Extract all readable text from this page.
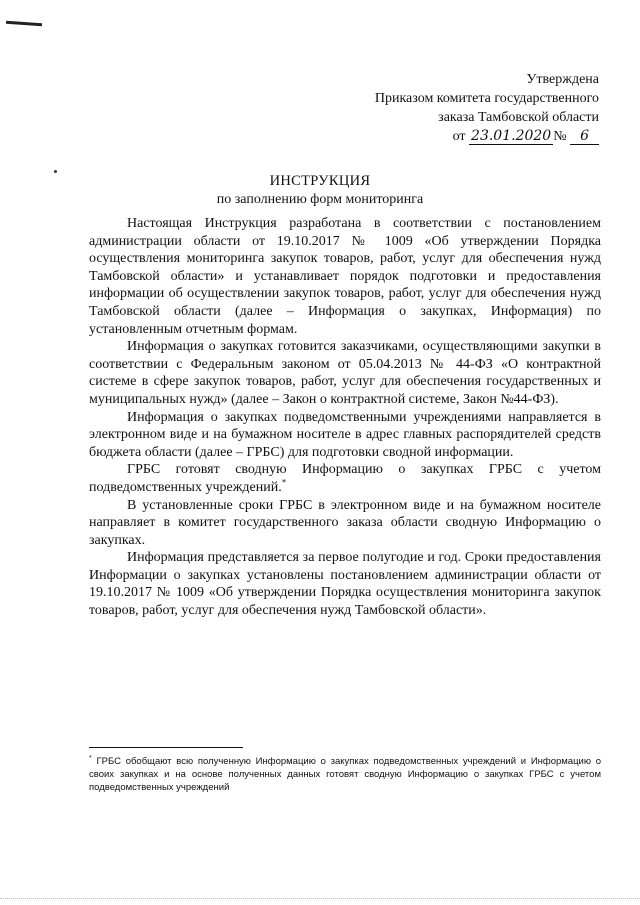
Утверждена
Приказом комитета государственного
заказа Тамбовской области
от 23.01.2020 № 6
ИНСТРУКЦИЯ
по заполнению форм мониторинга

Настоящая Инструкция разработана в соответствии с постановлением администрации области от 19.10.2017 № 1009 «Об утверждении Порядка осуществления мониторинга закупок товаров, работ, услуг для обеспечения нужд Тамбовской области» и устанавливает порядок подготовки и предоставления информации об осуществлении закупок товаров, работ, услуг для обеспечения нужд Тамбовской области (далее – Информация о закупках, Информация) по установленным отчетным формам.

Информация о закупках готовится заказчиками, осуществляющими закупки в соответствии с Федеральным законом от 05.04.2013 № 44-ФЗ «О контрактной системе в сфере закупок товаров, работ, услуг для обеспечения государственных и муниципальных нужд» (далее – Закон о контрактной системе, Закон №44-ФЗ).

Информация о закупках подведомственными учреждениями направляется в электронном виде и на бумажном носителе в адрес главных распорядителей средств бюджета области (далее – ГРБС) для подготовки сводной информации.

ГРБС готовят сводную Информацию о закупках ГРБС с учетом подведомственных учреждений.*

В установленные сроки ГРБС в электронном виде и на бумажном носителе направляет в комитет государственного заказа области сводную Информацию о закупках.

Информация представляется за первое полугодие и год. Сроки предоставления Информации о закупках установлены постановлением администрации области от 19.10.2017 № 1009 «Об утверждении Порядка осуществления мониторинга закупок товаров, работ, услуг для обеспечения нужд Тамбовской области».

* ГРБС обобщают всю полученную Информацию о закупках подведомственных учреждений и Информацию о своих закупках и на основе полученных данных готовят сводную Информацию о закупках ГРБС с учетом подведомственных учреждений
